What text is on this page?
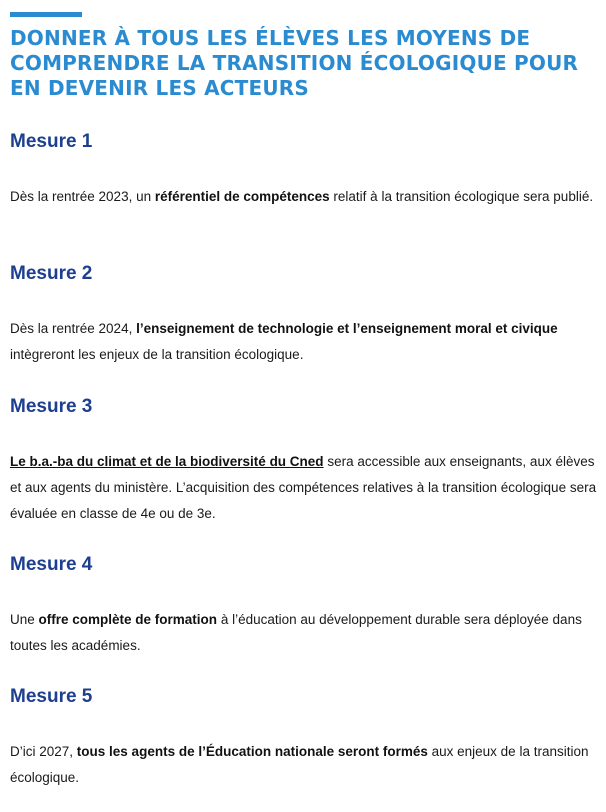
DONNER À TOUS LES ÉLÈVES LES MOYENS DE COMPRENDRE LA TRANSITION ÉCOLOGIQUE POUR EN DEVENIR LES ACTEURS
Mesure 1

Dès la rentrée 2023, un référentiel de compétences relatif à la transition écologique sera publié.

Mesure 2

Dès la rentrée 2024, l’enseignement de technologie et l’enseignement moral et civique intègreront les enjeux de la transition écologique.

Mesure 3

Le b.a.-ba du climat et de la biodiversité du Cned sera accessible aux enseignants, aux élèves et aux agents du ministère. L’acquisition des compétences relatives à la transition écologique sera évaluée en classe de 4e ou de 3e.

Mesure 4

Une offre complète de formation à l’éducation au développement durable sera déployée dans toutes les académies.

Mesure 5

D’ici 2027, tous les agents de l’Éducation nationale seront formés aux enjeux de la transition écologique.
